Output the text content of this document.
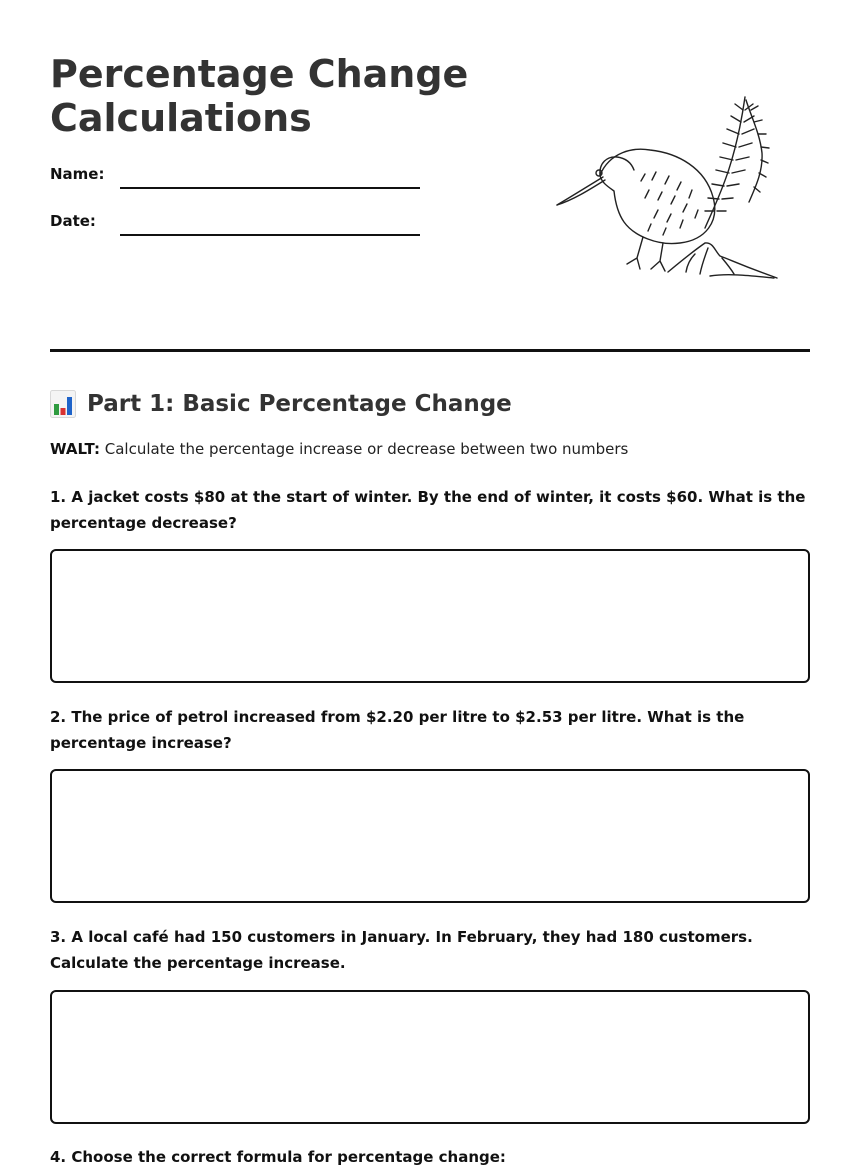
Percentage Change
Calculations
Name:
Date:
Part 1: Basic Percentage Change
WALT: Calculate the percentage increase or decrease between two numbers

1. A jacket costs $80 at the start of winter. By the end of winter, it costs $60. What is the percentage decrease?

2. The price of petrol increased from $2.20 per litre to $2.53 per litre. What is the percentage increase?

3. A local café had 150 customers in January. In February, they had 180 customers. Calculate the percentage increase.

4. Choose the correct formula for percentage change:
